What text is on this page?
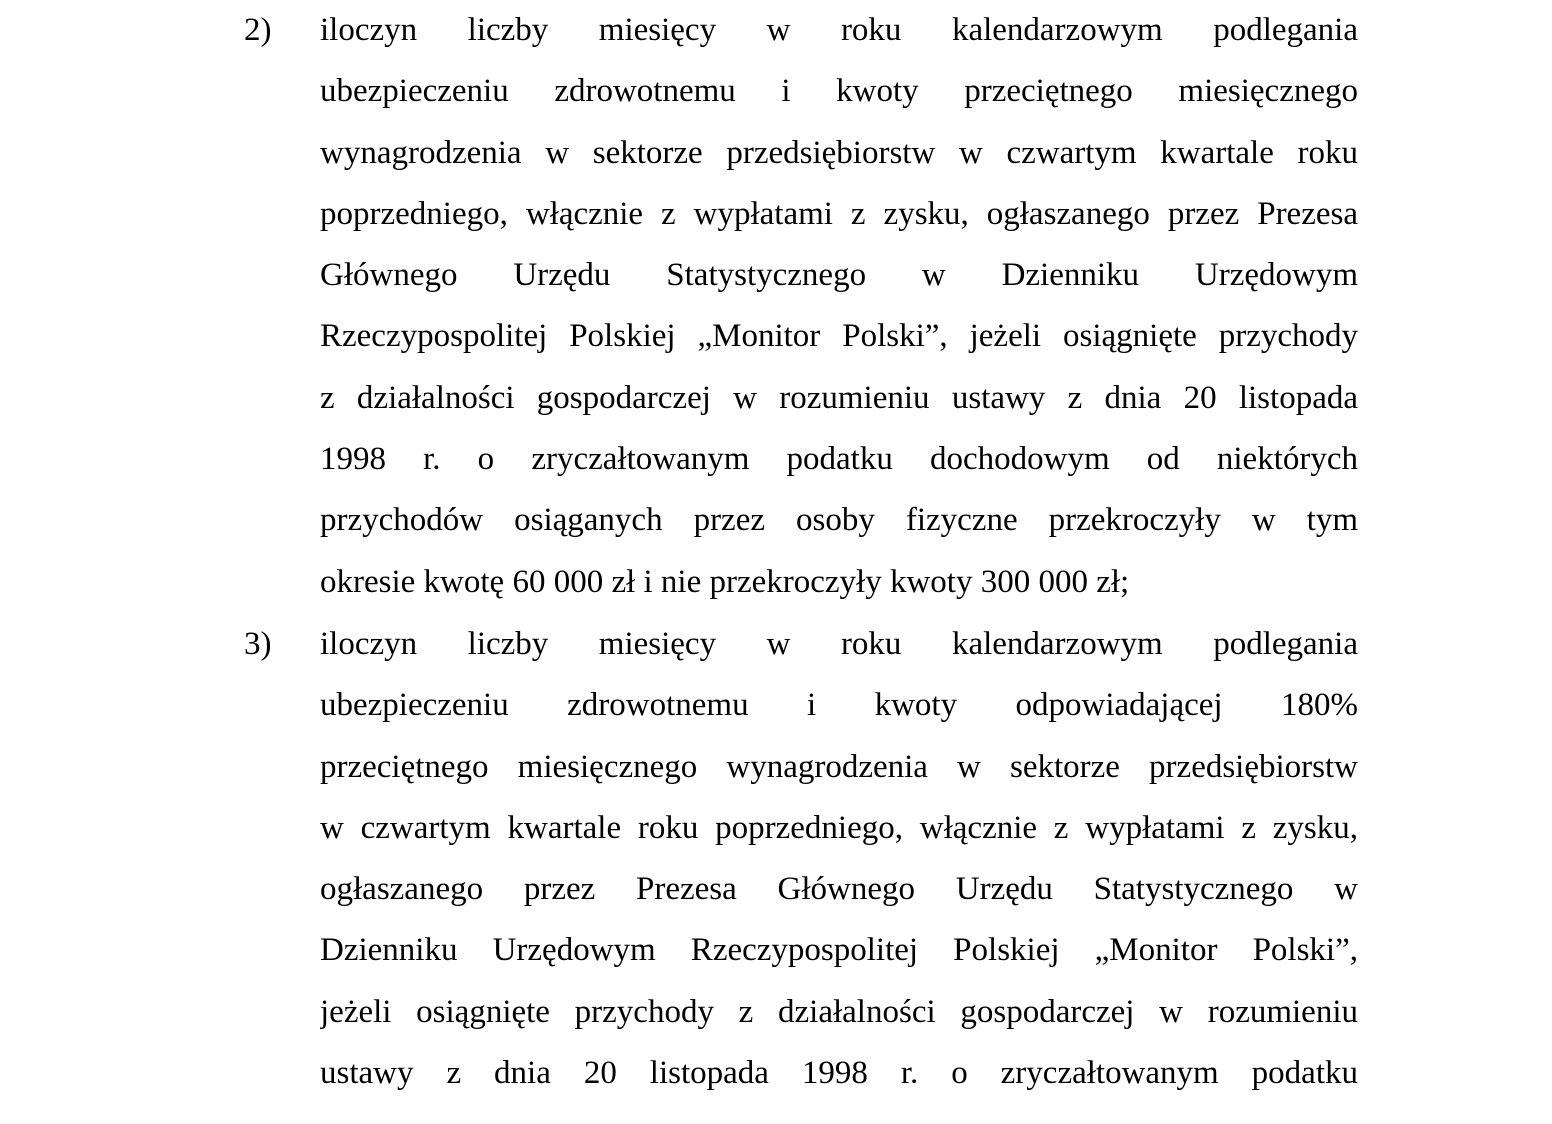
2) iloczyn liczby miesięcy w roku kalendarzowym podlegania
ubezpieczeniu zdrowotnemu i kwoty przeciętnego miesięcznego
wynagrodzenia w sektorze przedsiębiorstw w czwartym kwartale roku
poprzedniego, włącznie z wypłatami z zysku, ogłaszanego przez Prezesa
Głównego Urzędu Statystycznego w Dzienniku Urzędowym
Rzeczypospolitej Polskiej „Monitor Polski”, jeżeli osiągnięte przychody
z działalności gospodarczej w rozumieniu ustawy z dnia 20 listopada
1998 r. o zryczałtowanym podatku dochodowym od niektórych
przychodów osiąganych przez osoby fizyczne przekroczyły w tym
okresie kwotę 60 000 zł i nie przekroczyły kwoty 300 000 zł;
3) iloczyn liczby miesięcy w roku kalendarzowym podlegania
ubezpieczeniu zdrowotnemu i kwoty odpowiadającej 180%
przeciętnego miesięcznego wynagrodzenia w sektorze przedsiębiorstw
w czwartym kwartale roku poprzedniego, włącznie z wypłatami z zysku,
ogłaszanego przez Prezesa Głównego Urzędu Statystycznego w
Dzienniku Urzędowym Rzeczypospolitej Polskiej „Monitor Polski”,
jeżeli osiągnięte przychody z działalności gospodarczej w rozumieniu
ustawy z dnia 20 listopada 1998 r. o zryczałtowanym podatku
